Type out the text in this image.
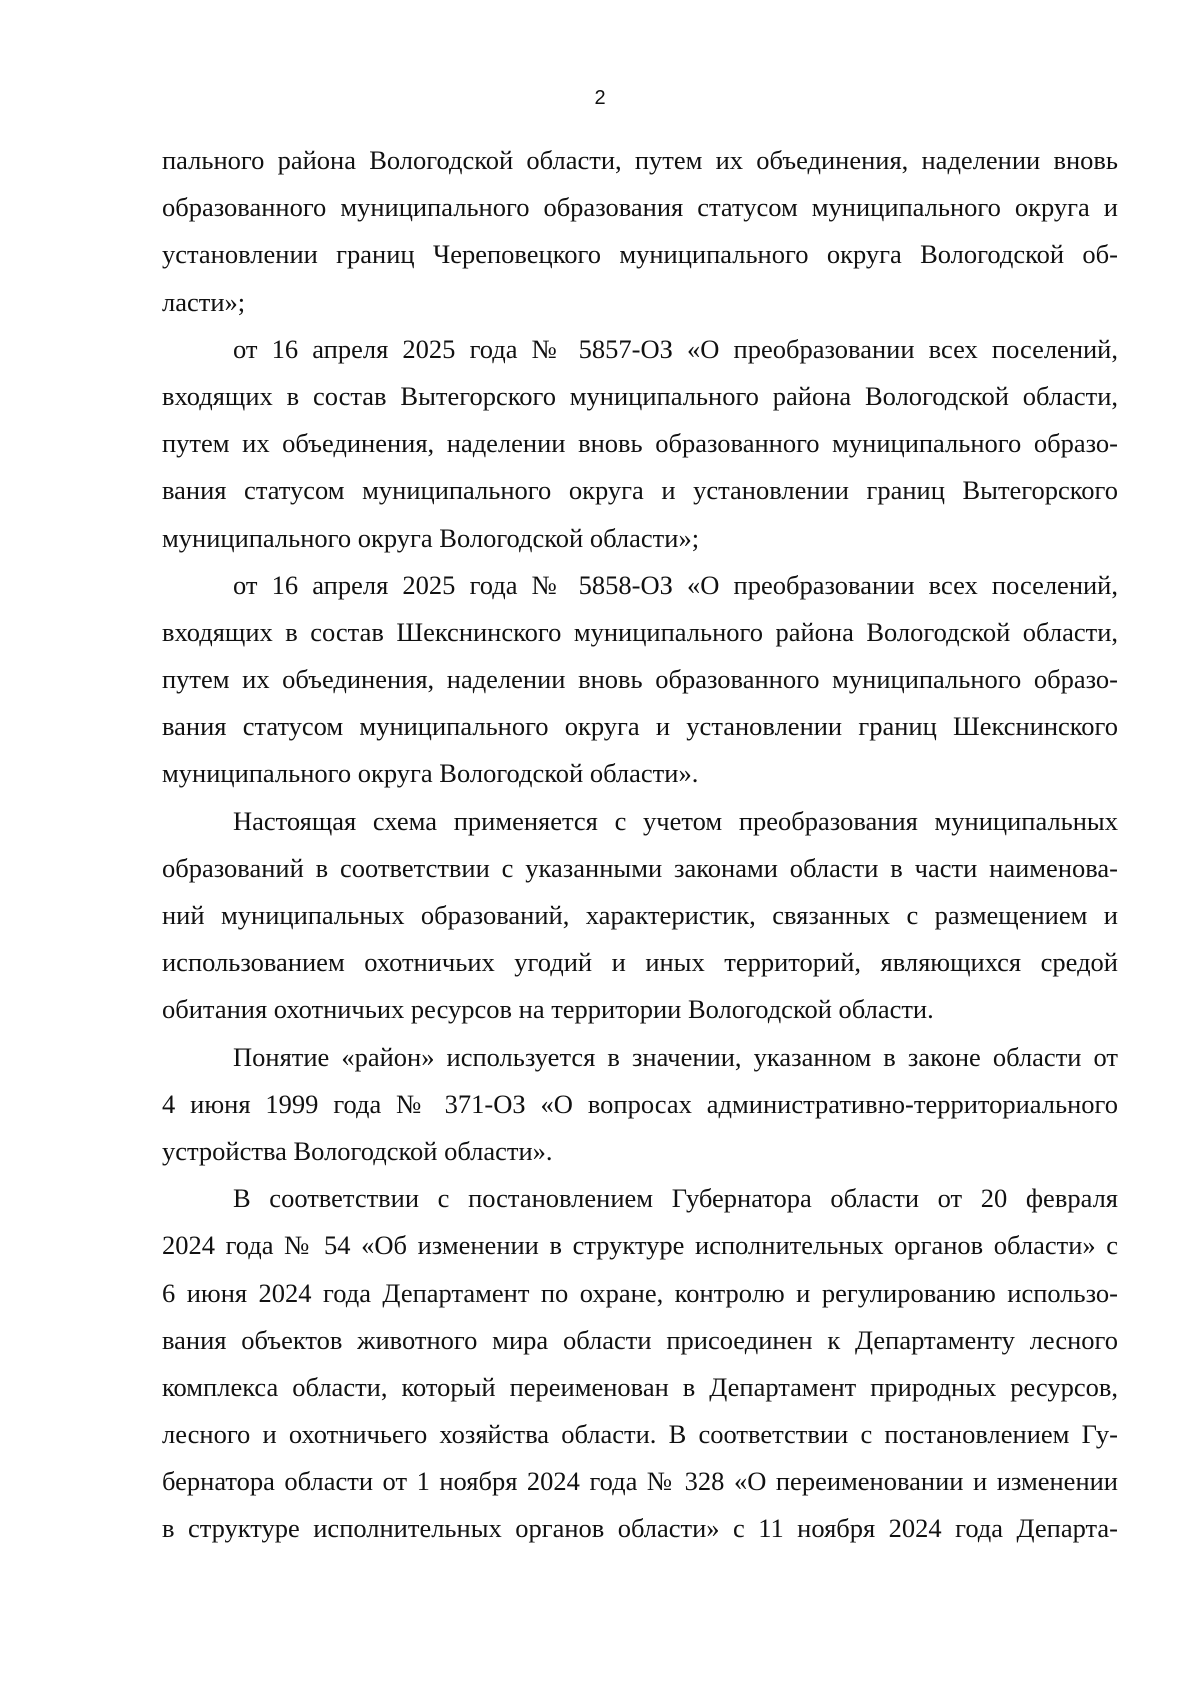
2
пального района Вологодской области, путем их объединения, наделении вновь
образованного муниципального образования статусом муниципального округа и
установлении границ Череповецкого муниципального округа Вологодской об-
ласти»;
от 16 апреля 2025 года № 5857-ОЗ «О преобразовании всех поселений,
входящих в состав Вытегорского муниципального района Вологодской области,
путем их объединения, наделении вновь образованного муниципального образо-
вания статусом муниципального округа и установлении границ Вытегорского
муниципального округа Вологодской области»;
от 16 апреля 2025 года № 5858-ОЗ «О преобразовании всех поселений,
входящих в состав Шекснинского муниципального района Вологодской области,
путем их объединения, наделении вновь образованного муниципального образо-
вания статусом муниципального округа и установлении границ Шекснинского
муниципального округа Вологодской области».
Настоящая схема применяется с учетом преобразования муниципальных
образований в соответствии с указанными законами области в части наименова-
ний муниципальных образований, характеристик, связанных с размещением и
использованием охотничьих угодий и иных территорий, являющихся средой
обитания охотничьих ресурсов на территории Вологодской области.
Понятие «район» используется в значении, указанном в законе области от
4 июня 1999 года № 371-ОЗ «О вопросах административно-территориального
устройства Вологодской области».
В соответствии с постановлением Губернатора области от 20 февраля
2024 года № 54 «Об изменении в структуре исполнительных органов области» с
6 июня 2024 года Департамент по охране, контролю и регулированию использо-
вания объектов животного мира области присоединен к Департаменту лесного
комплекса области, который переименован в Департамент природных ресурсов,
лесного и охотничьего хозяйства области. В соответствии с постановлением Гу-
бернатора области от 1 ноября 2024 года № 328 «О переименовании и изменении
в структуре исполнительных органов области» с 11 ноября 2024 года Департа-
